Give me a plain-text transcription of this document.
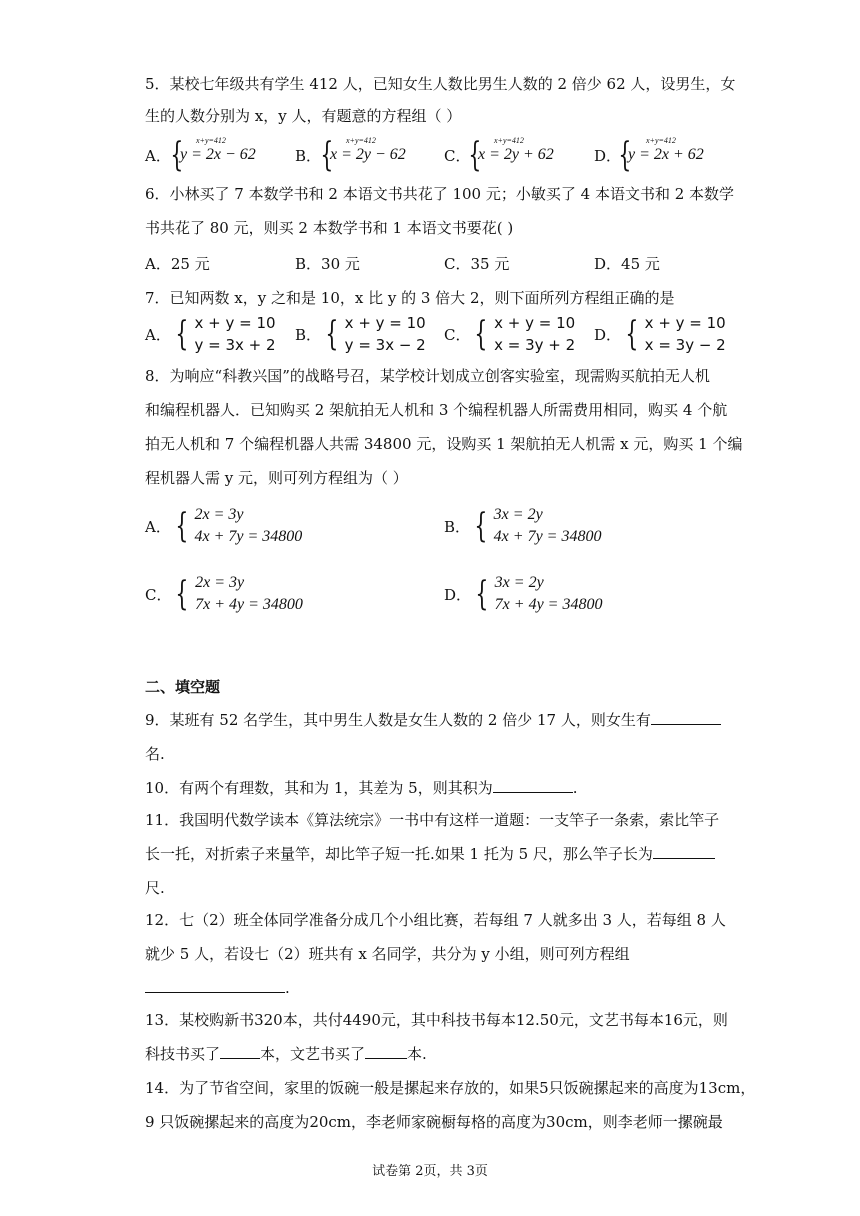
5．某校七年级共有学生 412 人，已知女生人数比男生人数的 2 倍少 62 人，设男生，女
生的人数分别为 x，y 人，有题意的方程组（ ）
A． { x+y=412
y = 2x − 62	B． { x+y=412
x = 2y − 62	C．
{ x+y=412
x = 2y + 62	D．
{ x+y=412
y = 2x + 62
6．小林买了 7 本数学书和 2 本语文书共花了 100 元；小敏买了 4 本语文书和 2 本数学
书共花了 80 元，则买 2 本数学书和 1 本语文书要花( )
A．25 元	B．30 元	C．35 元	D．45 元
7．已知两数 x，y 之和是 10，x 比 y 的 3 倍大 2，则下面所列方程组正确的是
A． { x + y = 10
y = 3x + 2
B． { x + y = 10
y = 3x − 2
C． { x + y = 10
x = 3y + 2
D． { x + y = 10
x = 3y − 2
8．为响应“科教兴国”的战略号召，某学校计划成立创客实验室，现需购买航拍无人机
和编程机器人．已知购买 2 架航拍无人机和 3 个编程机器人所需费用相同，购买 4 个航
拍无人机和 7 个编程机器人共需 34800 元，设购买 1 架航拍无人机需 x 元，购买 1 个编
程机器人需 y 元，则可列方程组为（ ）
A． { 2x = 3y
4x + 7y = 34800
B． { 3x = 2y
4x + 7y = 34800
C． { 2x = 3y
7x + 4y = 34800
D． { 3x = 2y
7x + 4y = 34800
二、填空题
9．某班有 52 名学生，其中男生人数是女生人数的 2 倍少 17 人，则女生有
名.
10．有两个有理数，其和为 1，其差为 5，则其积为	.
11．我国明代数学读本《算法统宗》一书中有这样一道题：一支竿子一条索，索比竿子
长一托，对折索子来量竿，却比竿子短一托.如果 1 托为 5 尺，那么竿子长为
尺.
12．七（2）班全体同学准备分成几个小组比赛，若每组 7 人就多出 3 人，若每组 8 人
就少 5 人，若设七（2）班共有 x 名同学，共分为 y 小组，则可列方程组
.
13．某校购新书320本，共付4490元，其中科技书每本12.50元，文艺书每本16元，则
科技书买了	本，文艺书买了	本.
14．为了节省空间，家里的饭碗一般是摞起来存放的，如果5只饭碗摞起来的高度为13cm，
9 只饭碗摞起来的高度为20cm，李老师家碗橱每格的高度为30cm，则李老师一摞碗最
试卷第 2页，共 3页
